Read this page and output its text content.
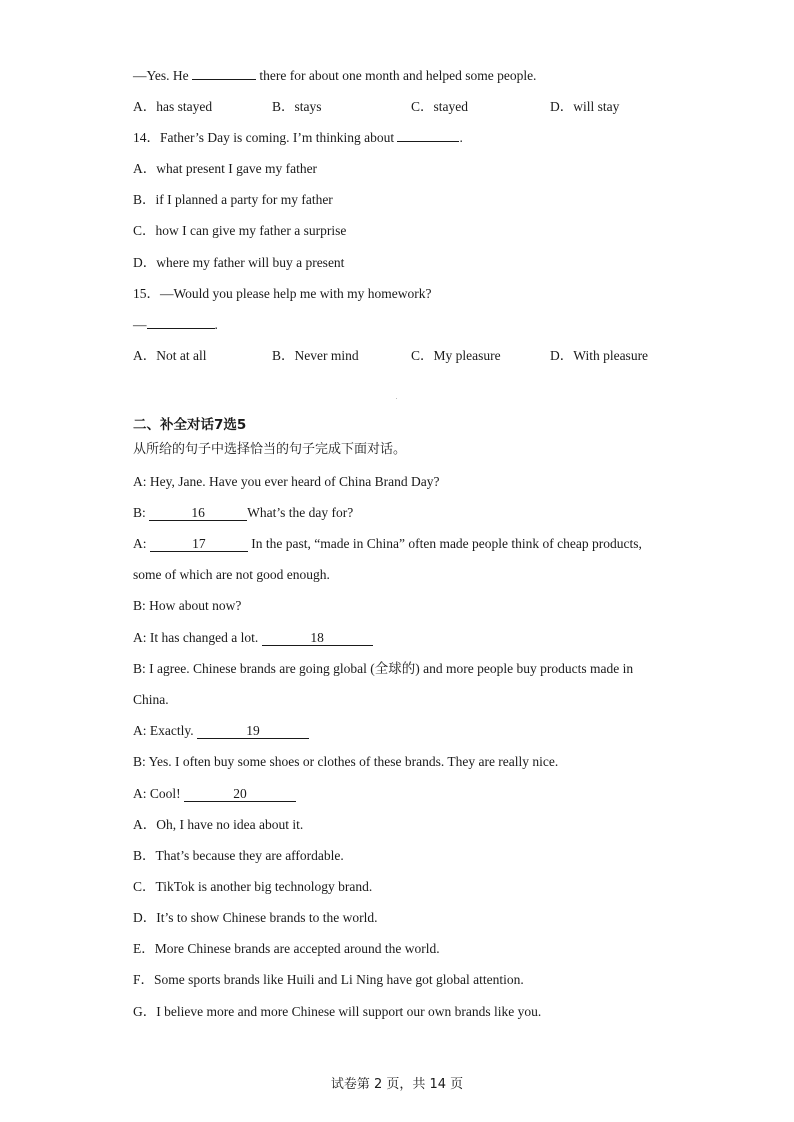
—Yes. He	there for about one month and helped some people.
A．has stayed	B．stays	C．stayed	D．will stay
14．Father’s Day is coming. I’m thinking about	.
A．what present I gave my father
B．if I planned a party for my father
C．how I can give my father a surprise
D．where my father will buy a present
15．—Would you please help me with my homework?
—	.
A．Not at all	B．Never mind	C．My pleasure	D．With pleasure
二、补全对话7选5
从所给的句子中选择恰当的句子完成下面对话。
A: Hey, Jane. Have you ever heard of China Brand Day?
B:	16	What’s the day for?
A:	17	In the past, “made in China” often made people think of cheap products,
some of which are not good enough.
B: How about now?
A: It has changed a lot.	18
B: I agree. Chinese brands are going global (全球的) and more people buy products made in
China.
A: Exactly.	19
B: Yes. I often buy some shoes or clothes of these brands. They are really nice.
A: Cool!	20
A．Oh, I have no idea about it.
B．That’s because they are affordable.
C．TikTok is another big technology brand.
D．It’s to show Chinese brands to the world.
E．More Chinese brands are accepted around the world.
F．Some sports brands like Huili and Li Ning have got global attention.
G．I believe more and more Chinese will support our own brands like you.
试卷第 2 页，共 14 页
